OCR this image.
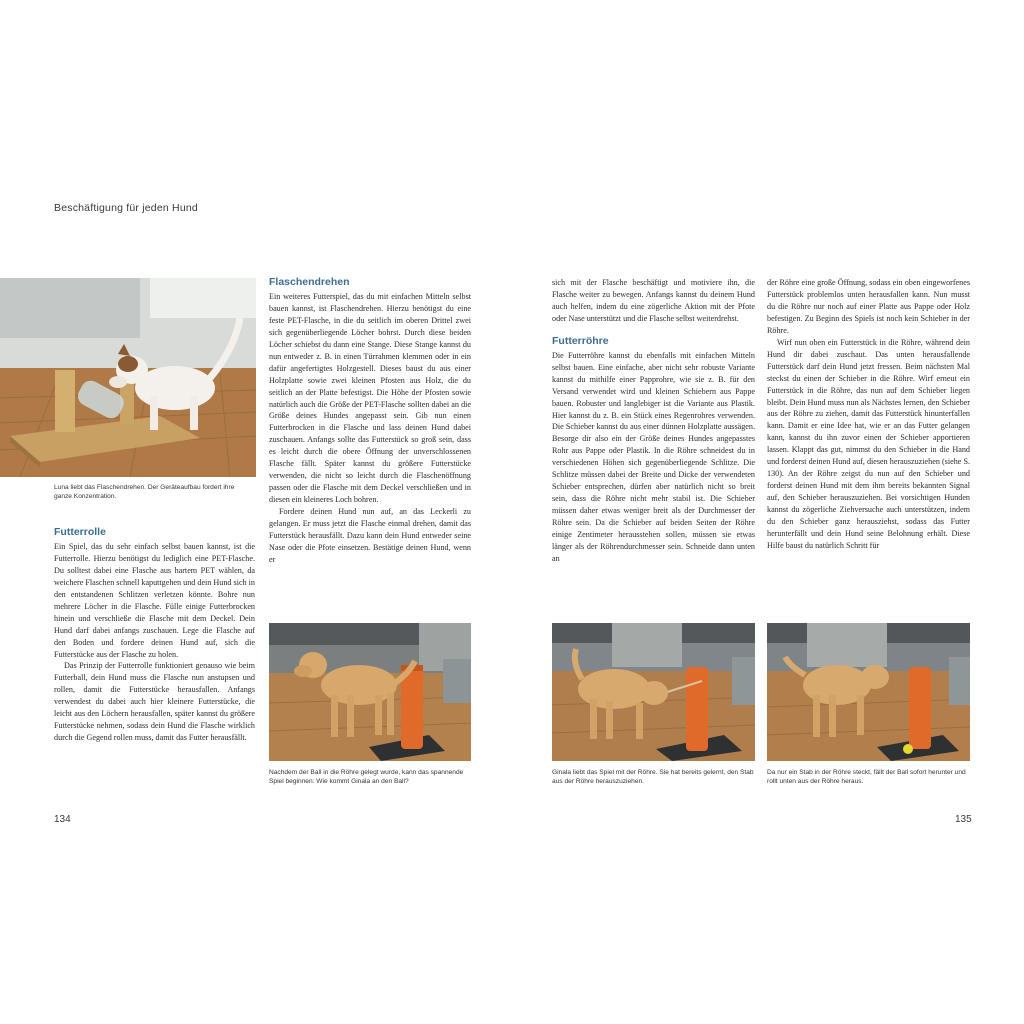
Beschäftigung für jeden Hund
Luna liebt das Flaschendrehen. Der Geräteaufbau fordert ihre ganze Konzentration.
Futterrolle

Ein Spiel, das du sehr einfach selbst bauen kannst, ist die Futterrolle. Hierzu benötigst du lediglich eine PET-Flasche. Du solltest dabei eine Flasche aus hartem PET wählen, da weichere Flaschen schnell kaputtgehen und dein Hund sich in den entstandenen Schlitzen verletzen könnte. Bohre nun mehrere Löcher in die Flasche. Fülle einige Futterbrocken hinein und verschließe die Flasche mit dem Deckel. Dein Hund darf dabei anfangs zuschauen. Lege die Flasche auf den Boden und fordere deinen Hund auf, sich die Futterstücke aus der Flasche zu holen.

Das Prinzip der Futterrolle funktioniert genauso wie beim Futterball, dein Hund muss die Flasche nun anstupsen und rollen, damit die Futterstücke herausfallen. Anfangs verwendest du dabei auch hier kleinere Futterstücke, die leicht aus den Löchern herausfallen, später kannst du größere Futterstücke nehmen, sodass dein Hund die Flasche wirklich durch die Gegend rollen muss, damit das Futter herausfällt.

Flaschendrehen

Ein weiteres Futterspiel, das du mit einfachen Mitteln selbst bauen kannst, ist Flaschendrehen. Hierzu benötigst du eine feste PET-Flasche, in die du seitlich im oberen Drittel zwei sich gegenüberliegende Löcher bohrst. Durch diese beiden Löcher schiebst du dann eine Stange. Diese Stange kannst du nun entweder z. B. in einen Türrahmen klemmen oder in ein dafür angefertigtes Holzgestell. Dieses baust du aus einer Holzplatte sowie zwei kleinen Pfosten aus Holz, die du seitlich an der Platte befestigst. Die Höhe der Pfosten sowie natürlich auch die Größe der PET-Flasche sollten dabei an die Größe deines Hundes angepasst sein. Gib nun einen Futterbrocken in die Flasche und lass deinen Hund dabei zuschauen. Anfangs sollte das Futterstück so groß sein, dass es leicht durch die obere Öffnung der unverschlossenen Flasche fällt. Später kannst du größere Futterstücke verwenden, die nicht so leicht durch die Flaschenöffnung passen oder die Flasche mit dem Deckel verschließen und in diesen ein kleineres Loch bohren.

Fordere deinen Hund nun auf, an das Leckerli zu gelangen. Er muss jetzt die Flasche einmal drehen, damit das Futterstück herausfällt. Dazu kann dein Hund entweder seine Nase oder die Pfote einsetzen. Bestätige deinen Hund, wenn er

Nachdem der Ball in die Röhre gelegt wurde, kann das spannende Spiel beginnen: Wie kommt Ginala an den Ball?
134

sich mit der Flasche beschäftigt und motiviere ihn, die Flasche weiter zu bewegen. Anfangs kannst du deinem Hund auch helfen, indem du eine zögerliche Aktion mit der Pfote oder Nase unterstützt und die Flasche selbst weiterdrehst.

Futterröhre

Die Futterröhre kannst du ebenfalls mit einfachen Mitteln selbst bauen. Eine einfache, aber nicht sehr robuste Variante kannst du mithilfe einer Papprohre, wie sie z. B. für den Versand verwendet wird und kleinen Schiebern aus Pappe bauen. Robuster und langlebiger ist die Variante aus Plastik. Hier kannst du z. B. ein Stück eines Regenrohres verwenden. Die Schieber kannst du aus einer dünnen Holzplatte aussägen. Besorge dir also ein der Größe deines Hundes angepasstes Rohr aus Pappe oder Plastik. In die Röhre schneidest du in verschiedenen Höhen sich gegenüberliegende Schlitze. Die Schlitze müssen dabei der Breite und Dicke der verwendeten Schieber entsprechen, dürfen aber natürlich nicht so breit sein, dass die Röhre nicht mehr stabil ist. Die Schieber müssen daher etwas weniger breit als der Durchmesser der Röhre sein. Da die Schieber auf beiden Seiten der Röhre einige Zentimeter herausstehen sollen, müssen sie etwas länger als der Röhrendurchmesser sein. Schneide dann unten an

der Röhre eine große Öffnung, sodass ein oben eingeworfenes Futterstück problemlos unten herausfallen kann. Nun musst du die Röhre nur noch auf einer Platte aus Pappe oder Holz befestigen. Zu Beginn des Spiels ist noch kein Schieber in der Röhre.

Wirf nun oben ein Futterstück in die Röhre, während dein Hund dir dabei zuschaut. Das unten herausfallende Futterstück darf dein Hund jetzt fressen. Beim nächsten Mal steckst du einen der Schieber in die Röhre. Wirf erneut ein Futterstück in die Röhre, das nun auf dem Schieber liegen bleibt. Dein Hund muss nun als Nächstes lernen, den Schieber aus der Röhre zu ziehen, damit das Futterstück hinunterfallen kann. Damit er eine Idee hat, wie er an das Futter gelangen kann, kannst du ihn zuvor einen der Schieber apportieren lassen. Klappt das gut, nimmst du den Schieber in die Hand und forderst deinen Hund auf, diesen herauszuziehen (siehe S. 130). An der Röhre zeigst du nun auf den Schieber und forderst deinen Hund mit dem ihm bereits bekannten Signal auf, den Schieber herauszuziehen. Bei vorsichtigen Hunden kannst du zögerliche Ziehversuche auch unterstützen, indem du den Schieber ganz herausziehst, sodass das Futter herunterfällt und dein Hund seine Belohnung erhält. Diese Hilfe baust du natürlich Schritt für

Ginala liebt das Spiel mit der Röhre. Sie hat bereits gelernt, den Stab aus der Röhre herauszuziehen.
Da nur ein Stab in der Röhre steckt, fällt der Ball sofort herunter und rollt unten aus der Röhre heraus.
135
